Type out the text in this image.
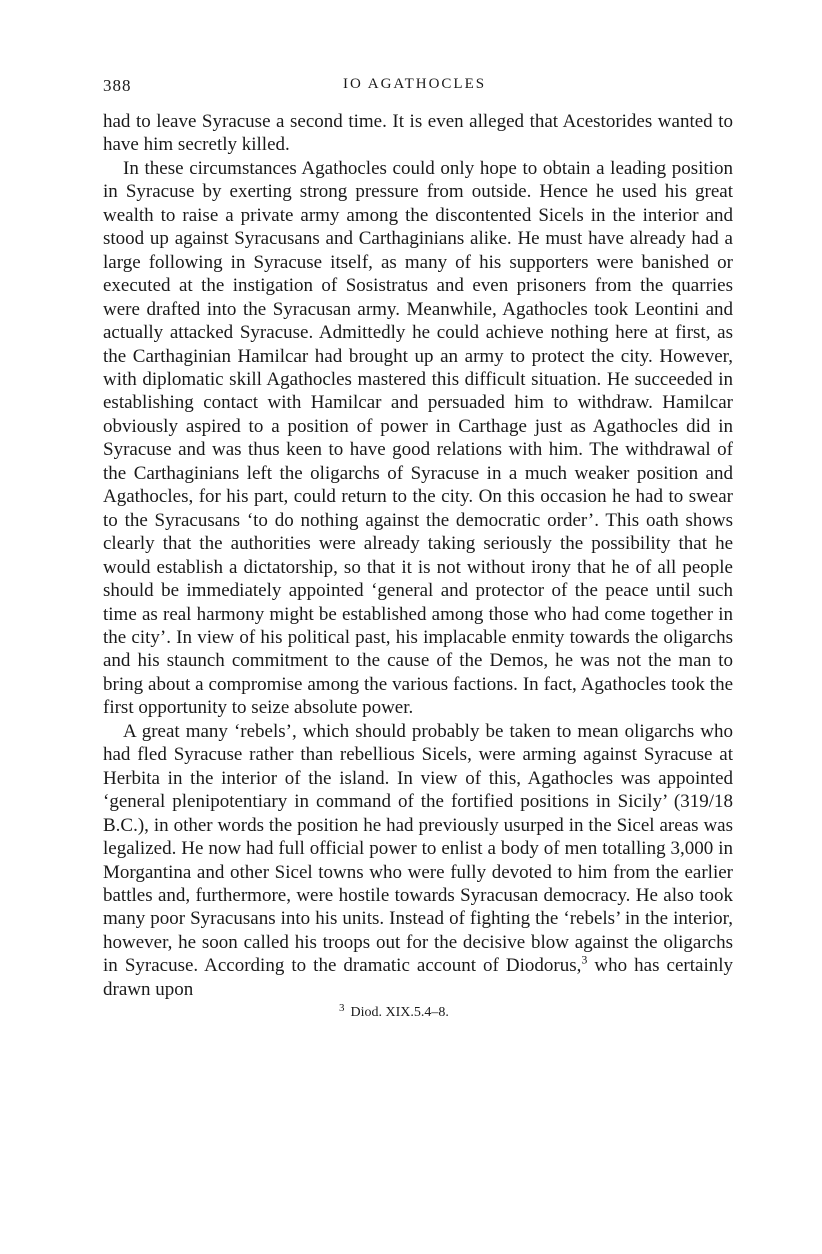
388	IO AGATHOCLES

had to leave Syracuse a second time. It is even alleged that Acestorides wanted to have him secretly killed.

In these circumstances Agathocles could only hope to obtain a leading position in Syracuse by exerting strong pressure from outside. Hence he used his great wealth to raise a private army among the discontented Sicels in the interior and stood up against Syracusans and Carthaginians alike. He must have already had a large following in Syracuse itself, as many of his supporters were banished or executed at the instigation of Sosistratus and even prisoners from the quarries were drafted into the Syracusan army. Meanwhile, Agathocles took Leontini and actually attacked Syracuse. Admittedly he could achieve nothing here at first, as the Carthaginian Hamilcar had brought up an army to protect the city. However, with diplomatic skill Agathocles mastered this difficult situation. He succeeded in establishing contact with Hamilcar and persuaded him to withdraw. Hamilcar obviously aspired to a position of power in Carthage just as Agathocles did in Syracuse and was thus keen to have good relations with him. The withdrawal of the Carthaginians left the oligarchs of Syracuse in a much weaker position and Agathocles, for his part, could return to the city. On this occasion he had to swear to the Syracusans ‘to do nothing against the democratic order’. This oath shows clearly that the authorities were already taking seriously the possibility that he would establish a dictatorship, so that it is not without irony that he of all people should be immediately appointed ‘general and protector of the peace until such time as real harmony might be established among those who had come together in the city’. In view of his political past, his implacable enmity towards the oligarchs and his staunch commitment to the cause of the Demos, he was not the man to bring about a compromise among the various factions. In fact, Agathocles took the first opportunity to seize absolute power.

A great many ‘rebels’, which should probably be taken to mean oligarchs who had fled Syracuse rather than rebellious Sicels, were arming against Syracuse at Herbita in the interior of the island. In view of this, Agathocles was appointed ‘general plenipotentiary in command of the fortified positions in Sicily’ (319/18 B.C.), in other words the position he had previously usurped in the Sicel areas was legalized. He now had full official power to enlist a body of men totalling 3,000 in Morgantina and other Sicel towns who were fully devoted to him from the earlier battles and, furthermore, were hostile towards Syracusan democracy. He also took many poor Syracusans into his units. Instead of fighting the ‘rebels’ in the interior, however, he soon called his troops out for the decisive blow against the oligarchs in Syracuse. According to the dramatic account of Diodorus,$^3$ who has certainly drawn upon

$^3$ Diod. XIX.5.4–8.
